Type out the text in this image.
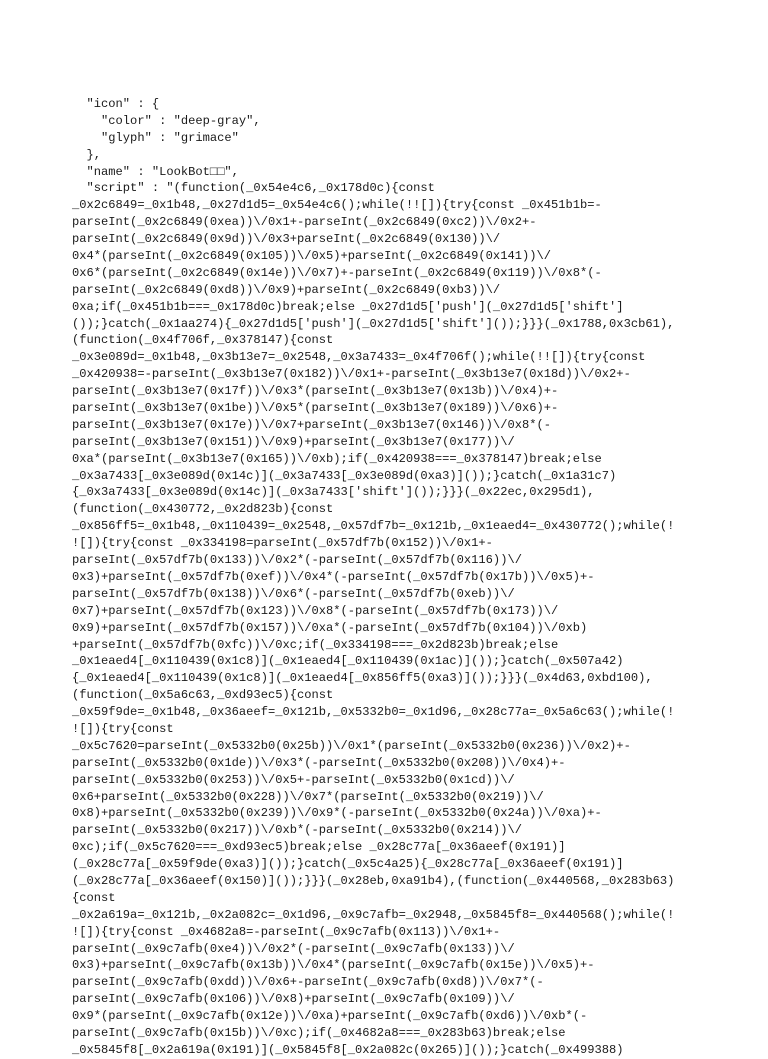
"icon" : {
"color" : "deep-gray",
"glyph" : "grimace"
},
"name" : "LookBot□□",
"script" : "(function(_0x54e4c6,_0x178d0c){const
_0x2c6849=_0x1b48,_0x27d1d5=_0x54e4c6();while(!![]){try{const _0x451b1b=-
parseInt(_0x2c6849(0xea))\/0x1+-parseInt(_0x2c6849(0xc2))\/0x2+-
parseInt(_0x2c6849(0x9d))\/0x3+parseInt(_0x2c6849(0x130))\/
0x4*(parseInt(_0x2c6849(0x105))\/0x5)+parseInt(_0x2c6849(0x141))\/
0x6*(parseInt(_0x2c6849(0x14e))\/0x7)+-parseInt(_0x2c6849(0x119))\/0x8*(-
parseInt(_0x2c6849(0xd8))\/0x9)+parseInt(_0x2c6849(0xb3))\/
0xa;if(_0x451b1b===_0x178d0c)break;else _0x27d1d5['push'](_0x27d1d5['shift']
());}catch(_0x1aa274){_0x27d1d5['push'](_0x27d1d5['shift']());}}}(_0x1788,0x3cb61),
(function(_0x4f706f,_0x378147){const
_0x3e089d=_0x1b48,_0x3b13e7=_0x2548,_0x3a7433=_0x4f706f();while(!![]){try{const
_0x420938=-parseInt(_0x3b13e7(0x182))\/0x1+-parseInt(_0x3b13e7(0x18d))\/0x2+-
parseInt(_0x3b13e7(0x17f))\/0x3*(parseInt(_0x3b13e7(0x13b))\/0x4)+-
parseInt(_0x3b13e7(0x1be))\/0x5*(parseInt(_0x3b13e7(0x189))\/0x6)+-
parseInt(_0x3b13e7(0x17e))\/0x7+parseInt(_0x3b13e7(0x146))\/0x8*(-
parseInt(_0x3b13e7(0x151))\/0x9)+parseInt(_0x3b13e7(0x177))\/
0xa*(parseInt(_0x3b13e7(0x165))\/0xb);if(_0x420938===_0x378147)break;else
_0x3a7433[_0x3e089d(0x14c)](_0x3a7433[_0x3e089d(0xa3)]());}catch(_0x1a31c7)
{_0x3a7433[_0x3e089d(0x14c)](_0x3a7433['shift']());}}}(_0x22ec,0x295d1),
(function(_0x430772,_0x2d823b){const
_0x856ff5=_0x1b48,_0x110439=_0x2548,_0x57df7b=_0x121b,_0x1eaed4=_0x430772();while(!
![]){try{const _0x334198=parseInt(_0x57df7b(0x152))\/0x1+-
parseInt(_0x57df7b(0x133))\/0x2*(-parseInt(_0x57df7b(0x116))\/
0x3)+parseInt(_0x57df7b(0xef))\/0x4*(-parseInt(_0x57df7b(0x17b))\/0x5)+-
parseInt(_0x57df7b(0x138))\/0x6*(-parseInt(_0x57df7b(0xeb))\/
0x7)+parseInt(_0x57df7b(0x123))\/0x8*(-parseInt(_0x57df7b(0x173))\/
0x9)+parseInt(_0x57df7b(0x157))\/0xa*(-parseInt(_0x57df7b(0x104))\/0xb)
+parseInt(_0x57df7b(0xfc))\/0xc;if(_0x334198===_0x2d823b)break;else
_0x1eaed4[_0x110439(0x1c8)](_0x1eaed4[_0x110439(0x1ac)]());}catch(_0x507a42)
{_0x1eaed4[_0x110439(0x1c8)](_0x1eaed4[_0x856ff5(0xa3)]());}}}(_0x4d63,0xbd100),
(function(_0x5a6c63,_0xd93ec5){const
_0x59f9de=_0x1b48,_0x36aeef=_0x121b,_0x5332b0=_0x1d96,_0x28c77a=_0x5a6c63();while(!
![]){try{const
_0x5c7620=parseInt(_0x5332b0(0x25b))\/0x1*(parseInt(_0x5332b0(0x236))\/0x2)+-
parseInt(_0x5332b0(0x1de))\/0x3*(-parseInt(_0x5332b0(0x208))\/0x4)+-
parseInt(_0x5332b0(0x253))\/0x5+-parseInt(_0x5332b0(0x1cd))\/
0x6+parseInt(_0x5332b0(0x228))\/0x7*(parseInt(_0x5332b0(0x219))\/
0x8)+parseInt(_0x5332b0(0x239))\/0x9*(-parseInt(_0x5332b0(0x24a))\/0xa)+-
parseInt(_0x5332b0(0x217))\/0xb*(-parseInt(_0x5332b0(0x214))\/
0xc);if(_0x5c7620===_0xd93ec5)break;else _0x28c77a[_0x36aeef(0x191)]
(_0x28c77a[_0x59f9de(0xa3)]());}catch(_0x5c4a25){_0x28c77a[_0x36aeef(0x191)]
(_0x28c77a[_0x36aeef(0x150)]());}}}(_0x28eb,0xa91b4),(function(_0x440568,_0x283b63)
{const
_0x2a619a=_0x121b,_0x2a082c=_0x1d96,_0x9c7afb=_0x2948,_0x5845f8=_0x440568();while(!
![]){try{const _0x4682a8=-parseInt(_0x9c7afb(0x113))\/0x1+-
parseInt(_0x9c7afb(0xe4))\/0x2*(-parseInt(_0x9c7afb(0x133))\/
0x3)+parseInt(_0x9c7afb(0x13b))\/0x4*(parseInt(_0x9c7afb(0x15e))\/0x5)+-
parseInt(_0x9c7afb(0xdd))\/0x6+-parseInt(_0x9c7afb(0xd8))\/0x7*(-
parseInt(_0x9c7afb(0x106))\/0x8)+parseInt(_0x9c7afb(0x109))\/
0x9*(parseInt(_0x9c7afb(0x12e))\/0xa)+parseInt(_0x9c7afb(0xd6))\/0xb*(-
parseInt(_0x9c7afb(0x15b))\/0xc);if(_0x4682a8===_0x283b63)break;else
_0x5845f8[_0x2a619a(0x191)](_0x5845f8[_0x2a082c(0x265)]());}catch(_0x499388)
